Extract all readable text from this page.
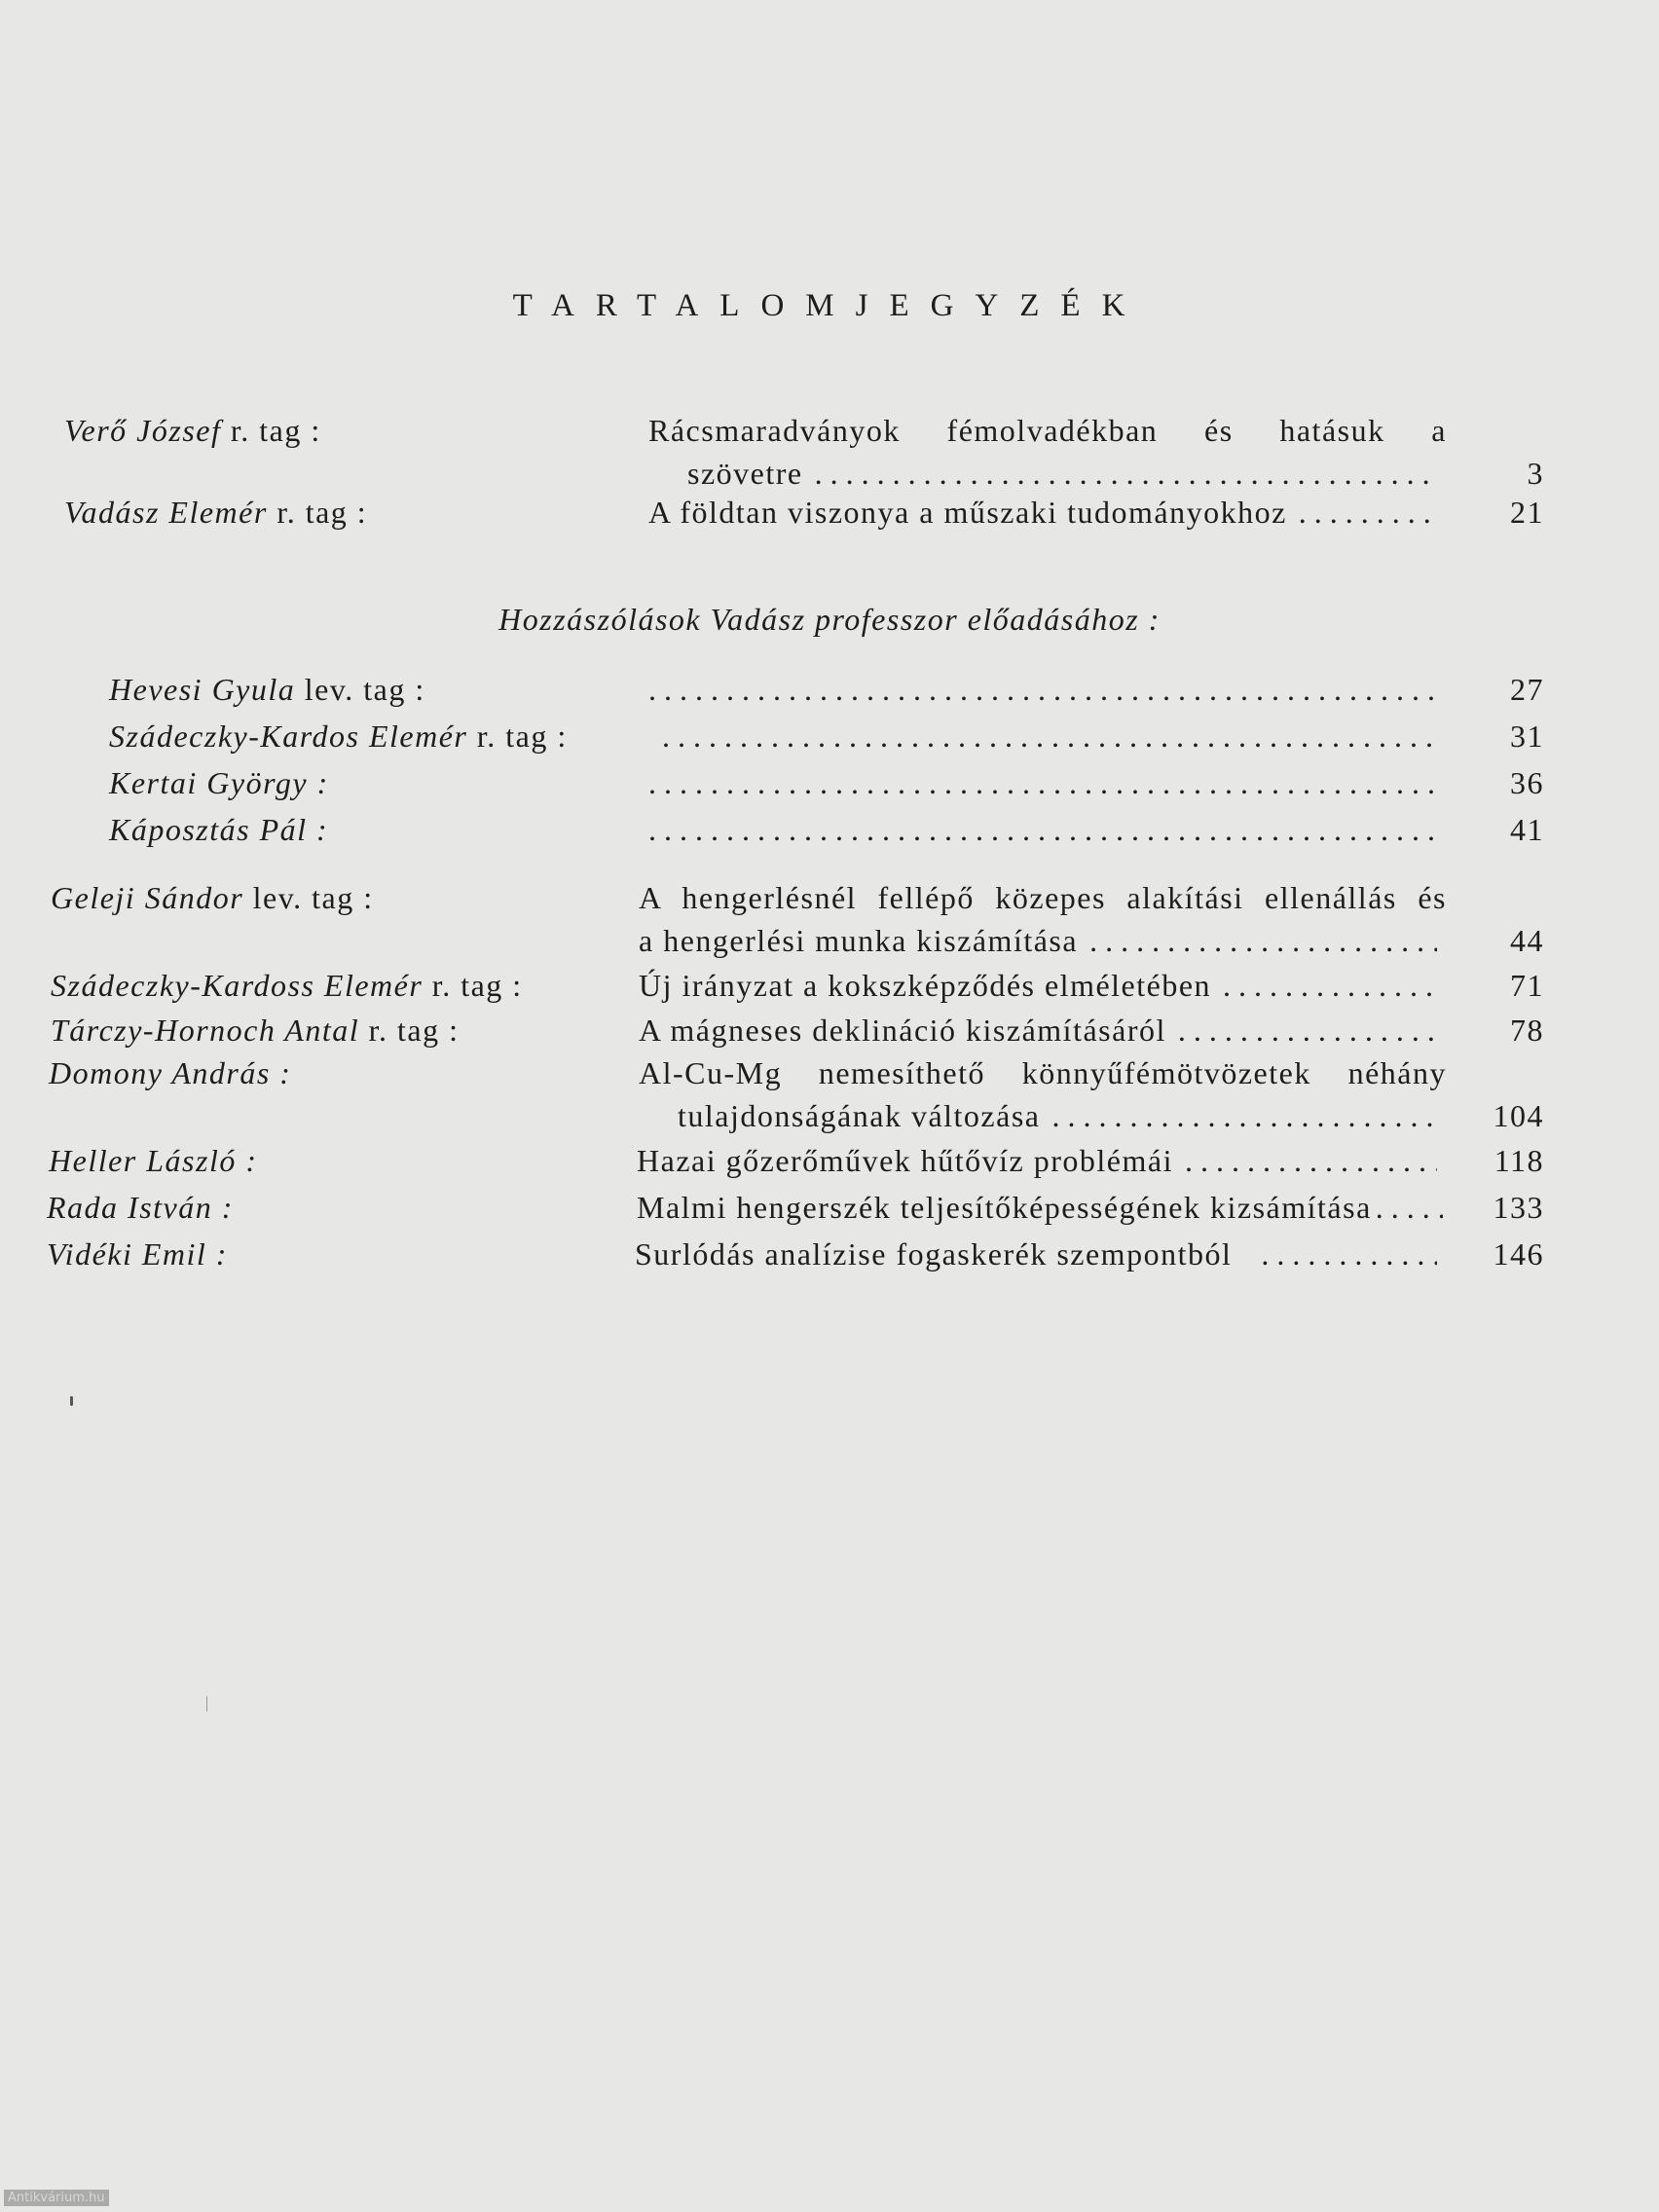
TARTALOMJEGYZÉK
Verő József r. tag :	Rácsmaradványok fémolvadékban és hatásuk a
szövetre . . .	3
Vadász Elemér r. tag :	A földtan viszonya a műszaki tudományokhoz . . .	21
Hozzászólások Vadász professzor előadásához :
Hevesi Gyula lev. tag : . . .	27
Szádeczky-Kardos Elemér r. tag : . . .	31
Kertai György : . . .	36
Káposztás Pál : . . .	41
Geleji Sándor lev. tag :	A hengerlésnél fellépő közepes alakítási ellenállás és
a hengerlési munka kiszámítása . . .	44
Szádeczky-Kardoss Elemér r. tag :	Új irányzat a kokszképződés elméletében . . .	71
Tárczy-Hornoch Antal r. tag :	A mágneses deklináció kiszámításáról . . .	78
Domony András :	Al-Cu-Mg nemesíthető könnyűfémötvözetek néhány
tulajdonságának változása . . .	104
Heller László :	Hazai gőzerőművek hűtővíz problémái . . .	118
Rada István :	Malmi hengerszék teljesítőképességének kizsámítása . . .	133
Vidéki Emil :	Surlódás analízise fogaskerék szempontból . . .	146
Antikvárium.hu
